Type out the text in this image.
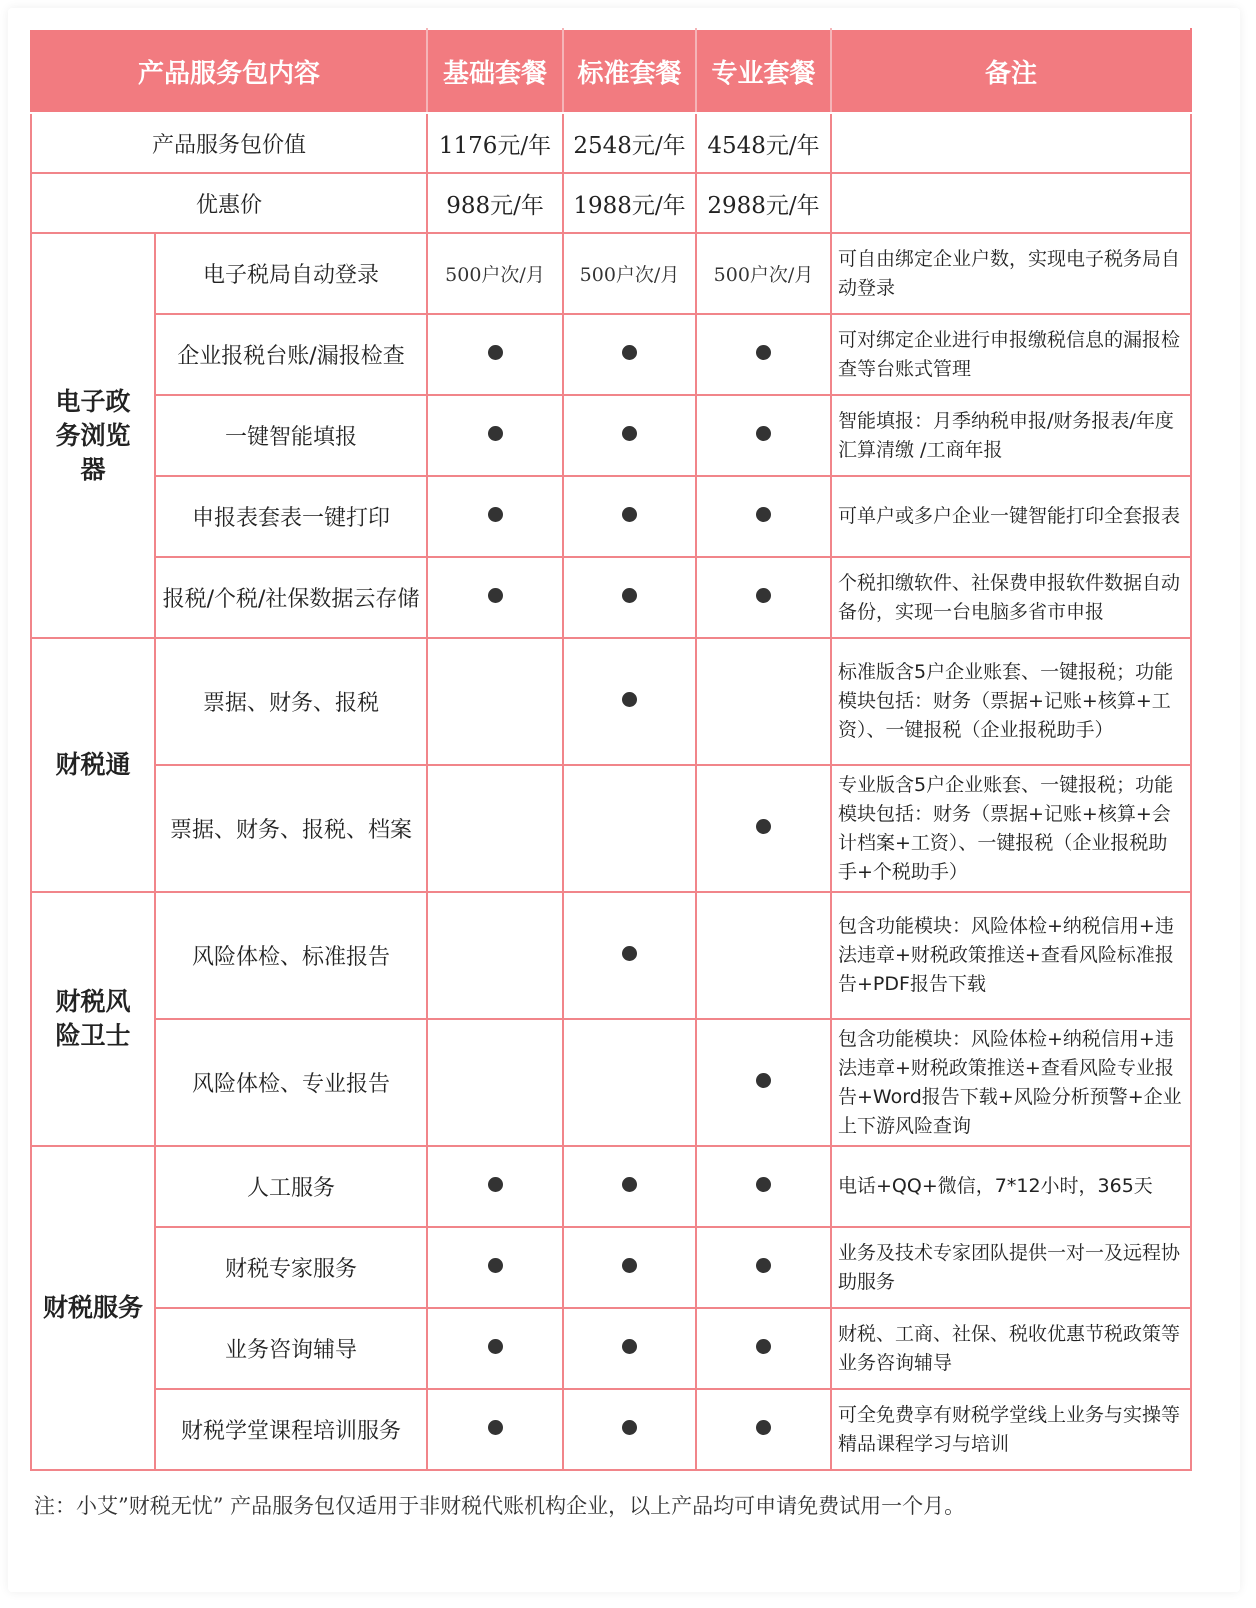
产品服务包内容		基础套餐	标准套餐	专业套餐	备注
产品服务包价值		1176元/年	2548元/年	4548元/年	
优惠价		988元/年	1988元/年	2988元/年	
电子政务浏览器	电子税局自动登录	500户次/月	500户次/月	500户次/月	可自由绑定企业户数，实现电子税务局自动登录
	企业报税台账/漏报检查				可对绑定企业进行申报缴税信息的漏报检查等台账式管理
	一键智能填报				智能填报：月季纳税申报/财务报表/年度汇算清缴 /工商年报
	申报表套表一键打印				可单户或多户企业一键智能打印全套报表
	报税/个税/社保数据云存储				个税扣缴软件、社保费申报软件数据自动备份，实现一台电脑多省市申报
财税通	票据、财务、报税				标准版含5户企业账套、一键报税；功能模块包括：财务（票据+记账+核算+工资）、一键报税（企业报税助手）
	票据、财务、报税、档案				专业版含5户企业账套、一键报税；功能模块包括：财务（票据+记账+核算+会计档案+工资）、一键报税（企业报税助手+个税助手）
财税风险卫士	风险体检、标准报告				包含功能模块：风险体检+纳税信用+违法违章+财税政策推送+查看风险标准报告+PDF报告下载
	风险体检、专业报告				包含功能模块：风险体检+纳税信用+违法违章+财税政策推送+查看风险专业报告+Word报告下载+风险分析预警+企业上下游风险查询
财税服务	人工服务				电话+QQ+微信，7*12小时，365天
	财税专家服务				业务及技术专家团队提供一对一及远程协助服务
	业务咨询辅导				财税、工商、社保、税收优惠节税政策等业务咨询辅导
	财税学堂课程培训服务				可全免费享有财税学堂线上业务与实操等精品课程学习与培训
注：小艾”财税无忧” 产品服务包仅适用于非财税代账机构企业，以上产品均可申请免费试用一个月。
